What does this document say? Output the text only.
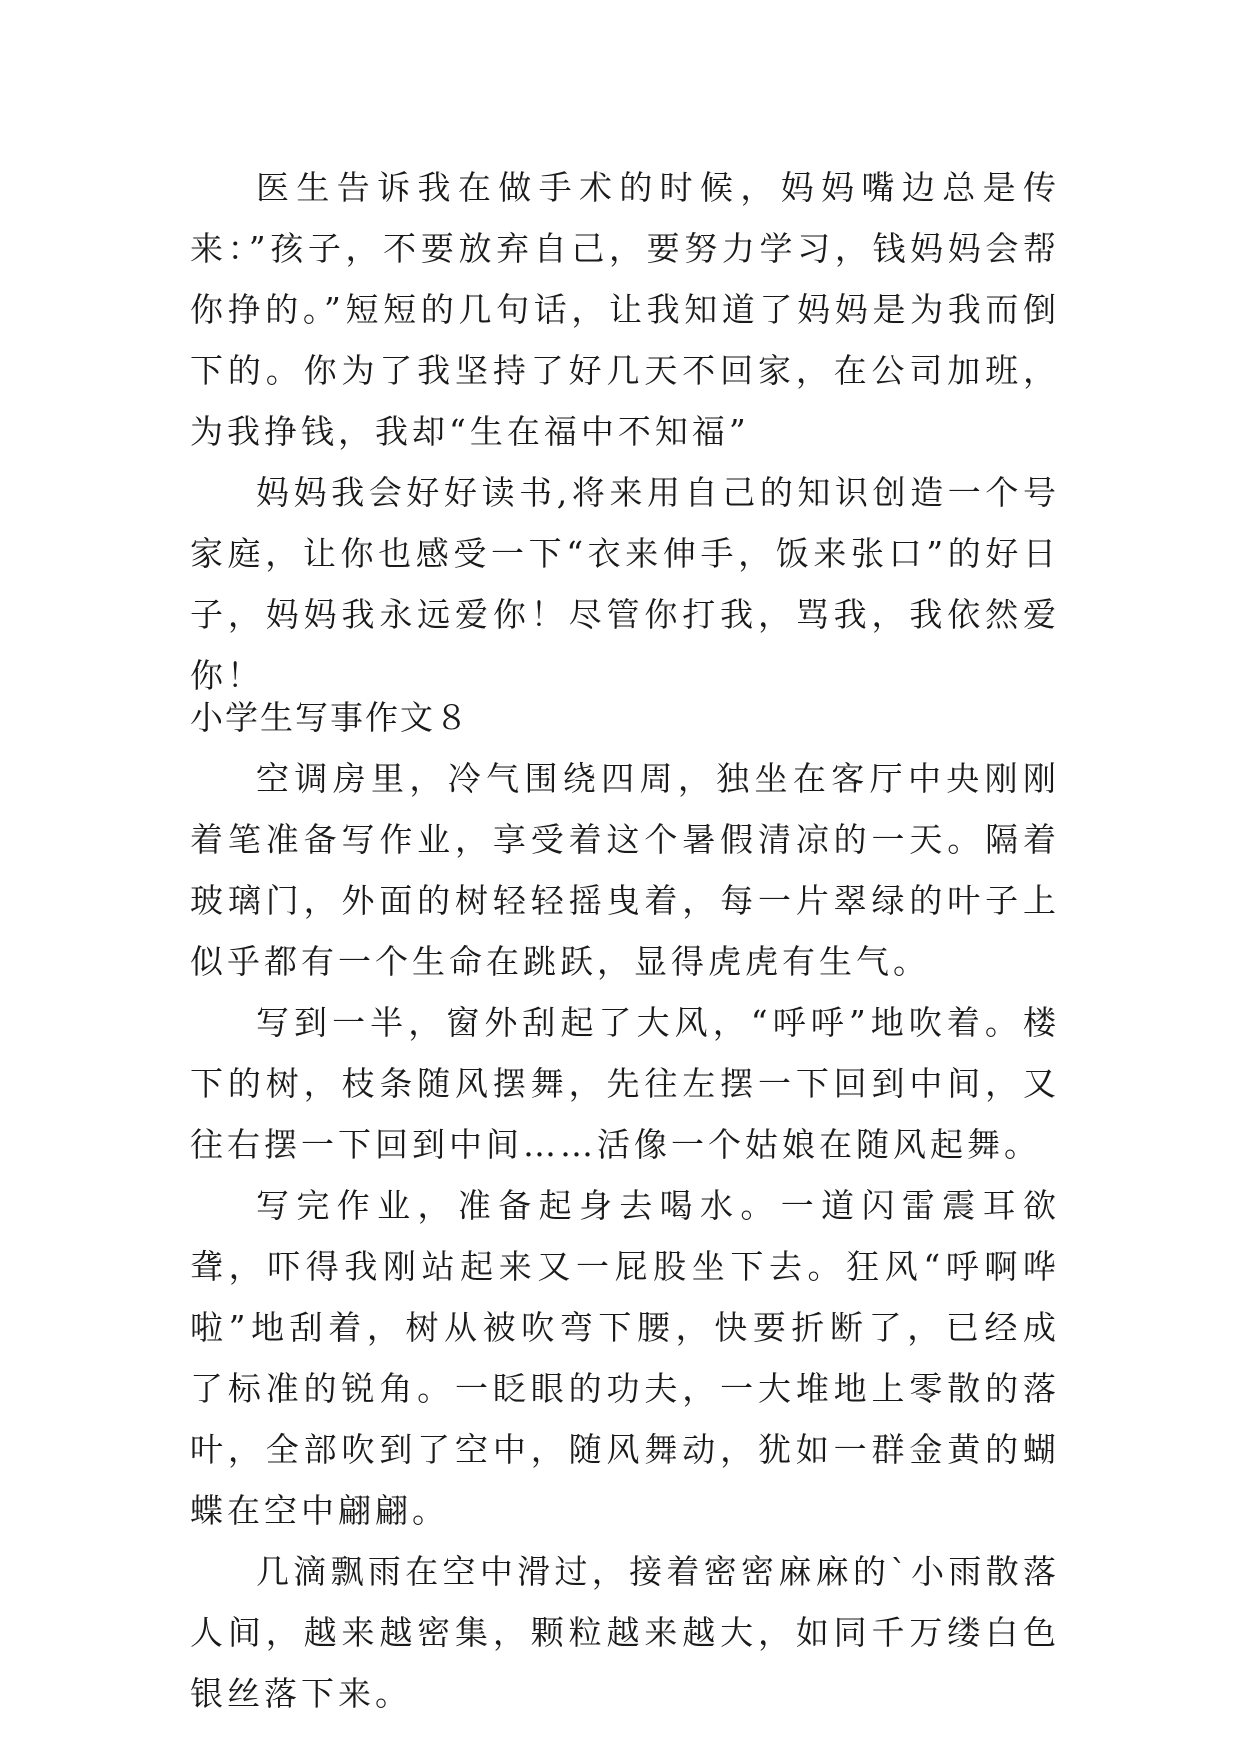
医生告诉我在做手术的时候，妈妈嘴边总是传来：”孩子，不要放弃自己，要努力学习，钱妈妈会帮你挣的。”短短的几句话，让我知道了妈妈是为我而倒下的。你为了我坚持了好几天不回家，在公司加班，为我挣钱，我却“生在福中不知福”

妈妈我会好好读书,将来用自己的知识创造一个号家庭，让你也感受一下“衣来伸手，饭来张口”的好日子，妈妈我永远爱你！尽管你打我，骂我，我依然爱你！

小学生写事作文８

空调房里，冷气围绕四周，独坐在客厅中央刚刚着笔准备写作业，享受着这个暑假清凉的一天。隔着玻璃门，外面的树轻轻摇曳着，每一片翠绿的叶子上似乎都有一个生命在跳跃，显得虎虎有生气。

写到一半，窗外刮起了大风，“呼呼”地吹着。楼下的树，枝条随风摆舞，先往左摆一下回到中间，又往右摆一下回到中间……活像一个姑娘在随风起舞。

写完作业，准备起身去喝水。一道闪雷震耳欲聋，吓得我刚站起来又一屁股坐下去。狂风“呼啊哗啦”地刮着，树从被吹弯下腰，快要折断了，已经成了标准的锐角。一眨眼的功夫，一大堆地上零散的落叶，全部吹到了空中，随风舞动，犹如一群金黄的蝴蝶在空中翩翩。

几滴飘雨在空中滑过，接着密密麻麻的`小雨散落人间，越来越密集，颗粒越来越大，如同千万缕白色银丝落下来。
